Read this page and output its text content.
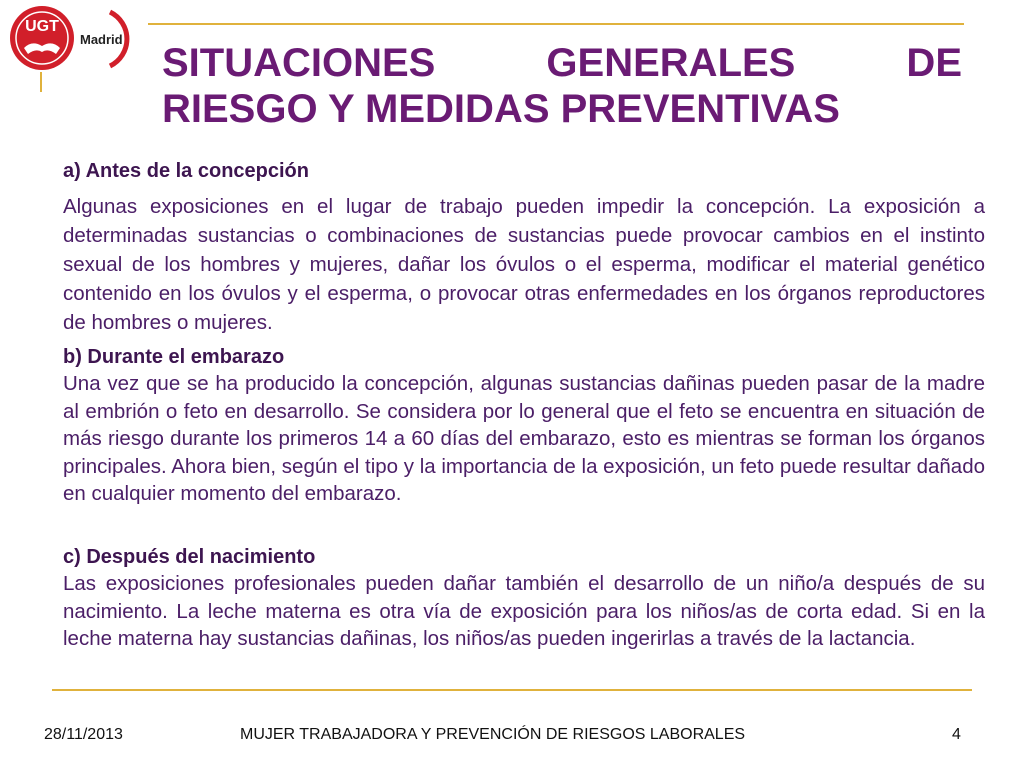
UGT
Madrid
SITUACIONES GENERALES DE
RIESGO Y MEDIDAS PREVENTIVAS
a) Antes de la concepción

Algunas exposiciones en el lugar de trabajo pueden impedir la concepción. La exposición a determinadas sustancias o combinaciones de sustancias puede provocar cambios en el instinto sexual de los hombres y mujeres, dañar los óvulos o el esperma, modificar el material genético contenido en los óvulos y el esperma, o provocar otras enfermedades en los órganos reproductores de hombres o mujeres.

b) Durante el embarazo

Una vez que se ha producido la concepción, algunas sustancias dañinas pueden pasar de la madre al embrión o feto en desarrollo. Se considera por lo general que el feto se encuentra en situación de más riesgo durante los primeros 14 a 60 días del embarazo, esto es mientras se forman los órganos principales. Ahora bien, según el tipo y la importancia de la exposición, un feto puede resultar dañado en cualquier momento del embarazo.

c) Después del nacimiento

Las exposiciones profesionales pueden dañar también el desarrollo de un niño/a después de su nacimiento. La leche materna es otra vía de exposición para los niños/as de corta edad. Si en la leche materna hay sustancias dañinas, los niños/as pueden ingerirlas a través de la lactancia.

28/11/2013	MUJER TRABAJADORA Y PREVENCIÓN DE RIESGOS LABORALES	4
